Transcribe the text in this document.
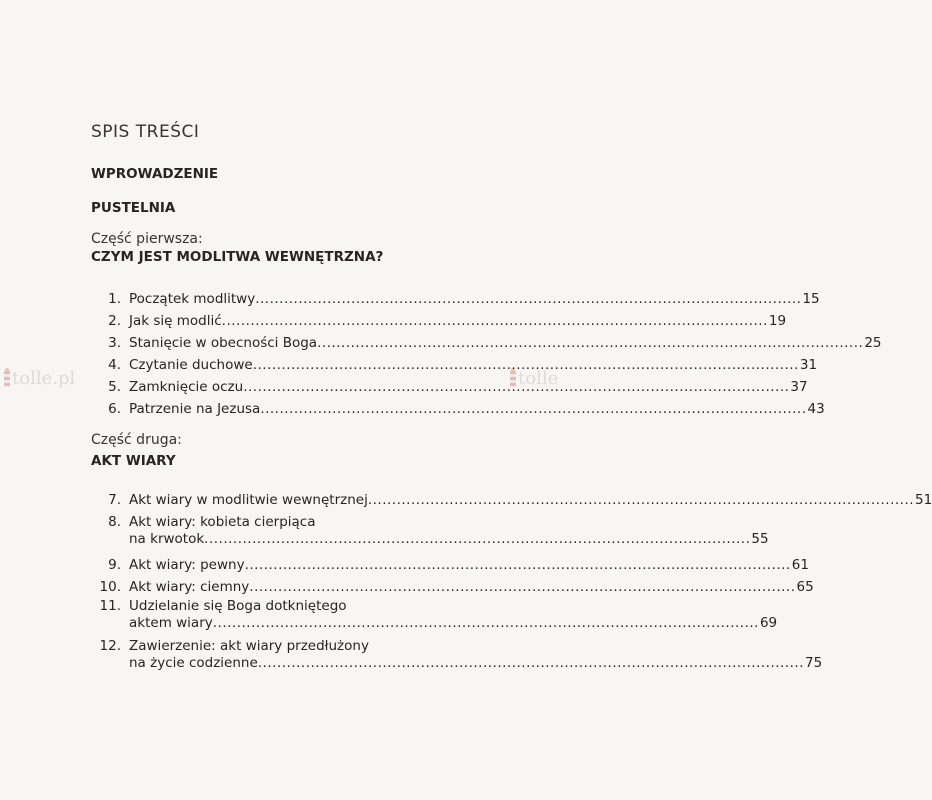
tolle.pl	tolle
SPIS TREŚCI
WPROWADZENIE
PUSTELNIA
Część pierwsza:
CZYM JEST MODLITWA WEWNĘTRZNA?
1. Początek modlitwy .....	15
2. Jak się modlić .....	19
3. Stanięcie w obecności Boga .....	25
4. Czytanie duchowe .....	31
5. Zamknięcie oczu .....	37
6. Patrzenie na Jezusa .....	43
Część druga:
AKT WIARY
7. Akt wiary w modlitwie wewnętrznej .....	51
8. Akt wiary: kobieta cierpiąca
na krwotok .....	55
9. Akt wiary: pewny .....	61
10. Akt wiary: ciemny .....	65
11. Udzielanie się Boga dotkniętego
aktem wiary .....	69
12. Zawierzenie: akt wiary przedłużony
na życie codzienne .....	75
